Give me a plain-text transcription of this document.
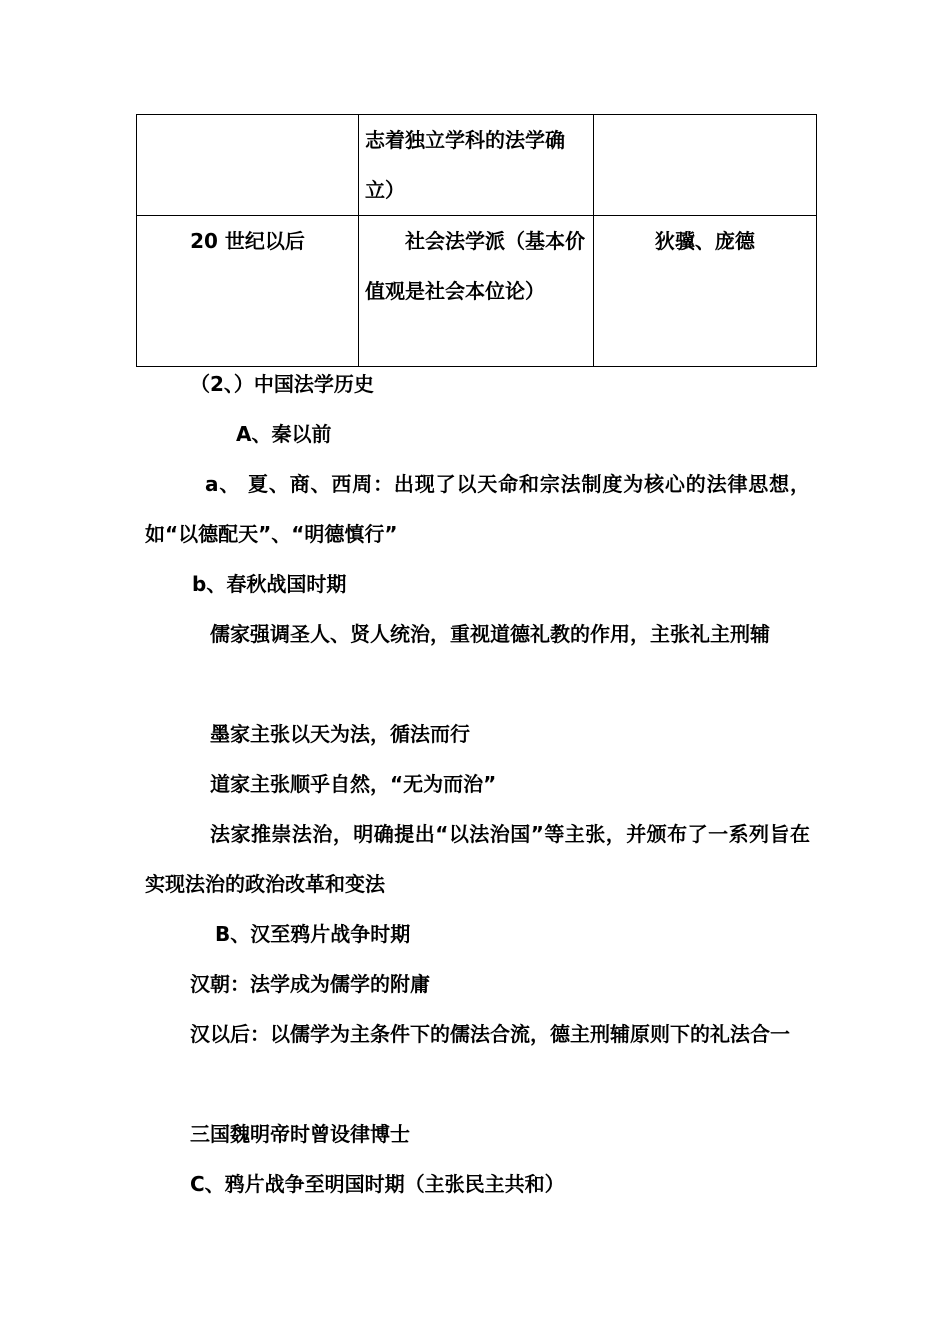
	志着独立学科的法学确立）	
20 世纪以后	社会法学派（基本价值观是社会本位论）	狄骥、庞德
（2、）中国法学历史
A、秦以前
a、 夏、商、西周：出现了以天命和宗法制度为核心的法律思想，如“以德配天”、“明德慎行”
b、春秋战国时期
儒家强调圣人、贤人统治，重视道德礼教的作用，主张礼主刑辅
墨家主张以天为法，循法而行
道家主张顺乎自然，“无为而治”
法家推崇法治，明确提出“以法治国”等主张，并颁布了一系列旨在实现法治的政治改革和变法
B、汉至鸦片战争时期
汉朝：法学成为儒学的附庸
汉以后：以儒学为主条件下的儒法合流，德主刑辅原则下的礼法合一
三国魏明帝时曾设律博士
C、鸦片战争至明国时期（主张民主共和）
